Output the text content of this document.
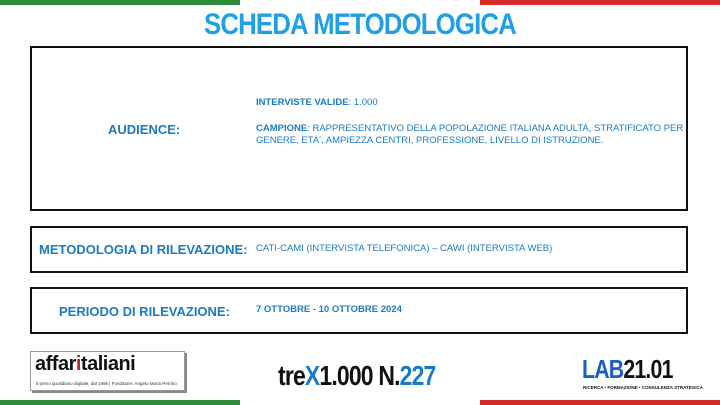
SCHEDA METODOLOGICA
AUDIENCE:

INTERVISTE VALIDE: 1.000

CAMPIONE: RAPPRESENTATIVO DELLA POPOLAZIONE ITALIANA ADULTA, STRATIFICATO PER GENERE, ETA', AMPIEZZA CENTRI, PROFESSIONE, LIVELLO DI ISTRUZIONE.

METODOLOGIA DI RILEVAZIONE: CATI-CAMI (INTERVISTA TELEFONICA) – CAWI (INTERVISTA WEB)
PERIODO DI RILEVAZIONE:	7 OTTOBRE - 10 OTTOBRE 2024
affaritaliani
Il primo quotidiano digitale, dal 1996 | Fondatore: Angelo Maria Perrino	treX1.000 N.227	LAB21.01
RICERCA • FORMAZIONE • CONSULENZA STRATEGICA
